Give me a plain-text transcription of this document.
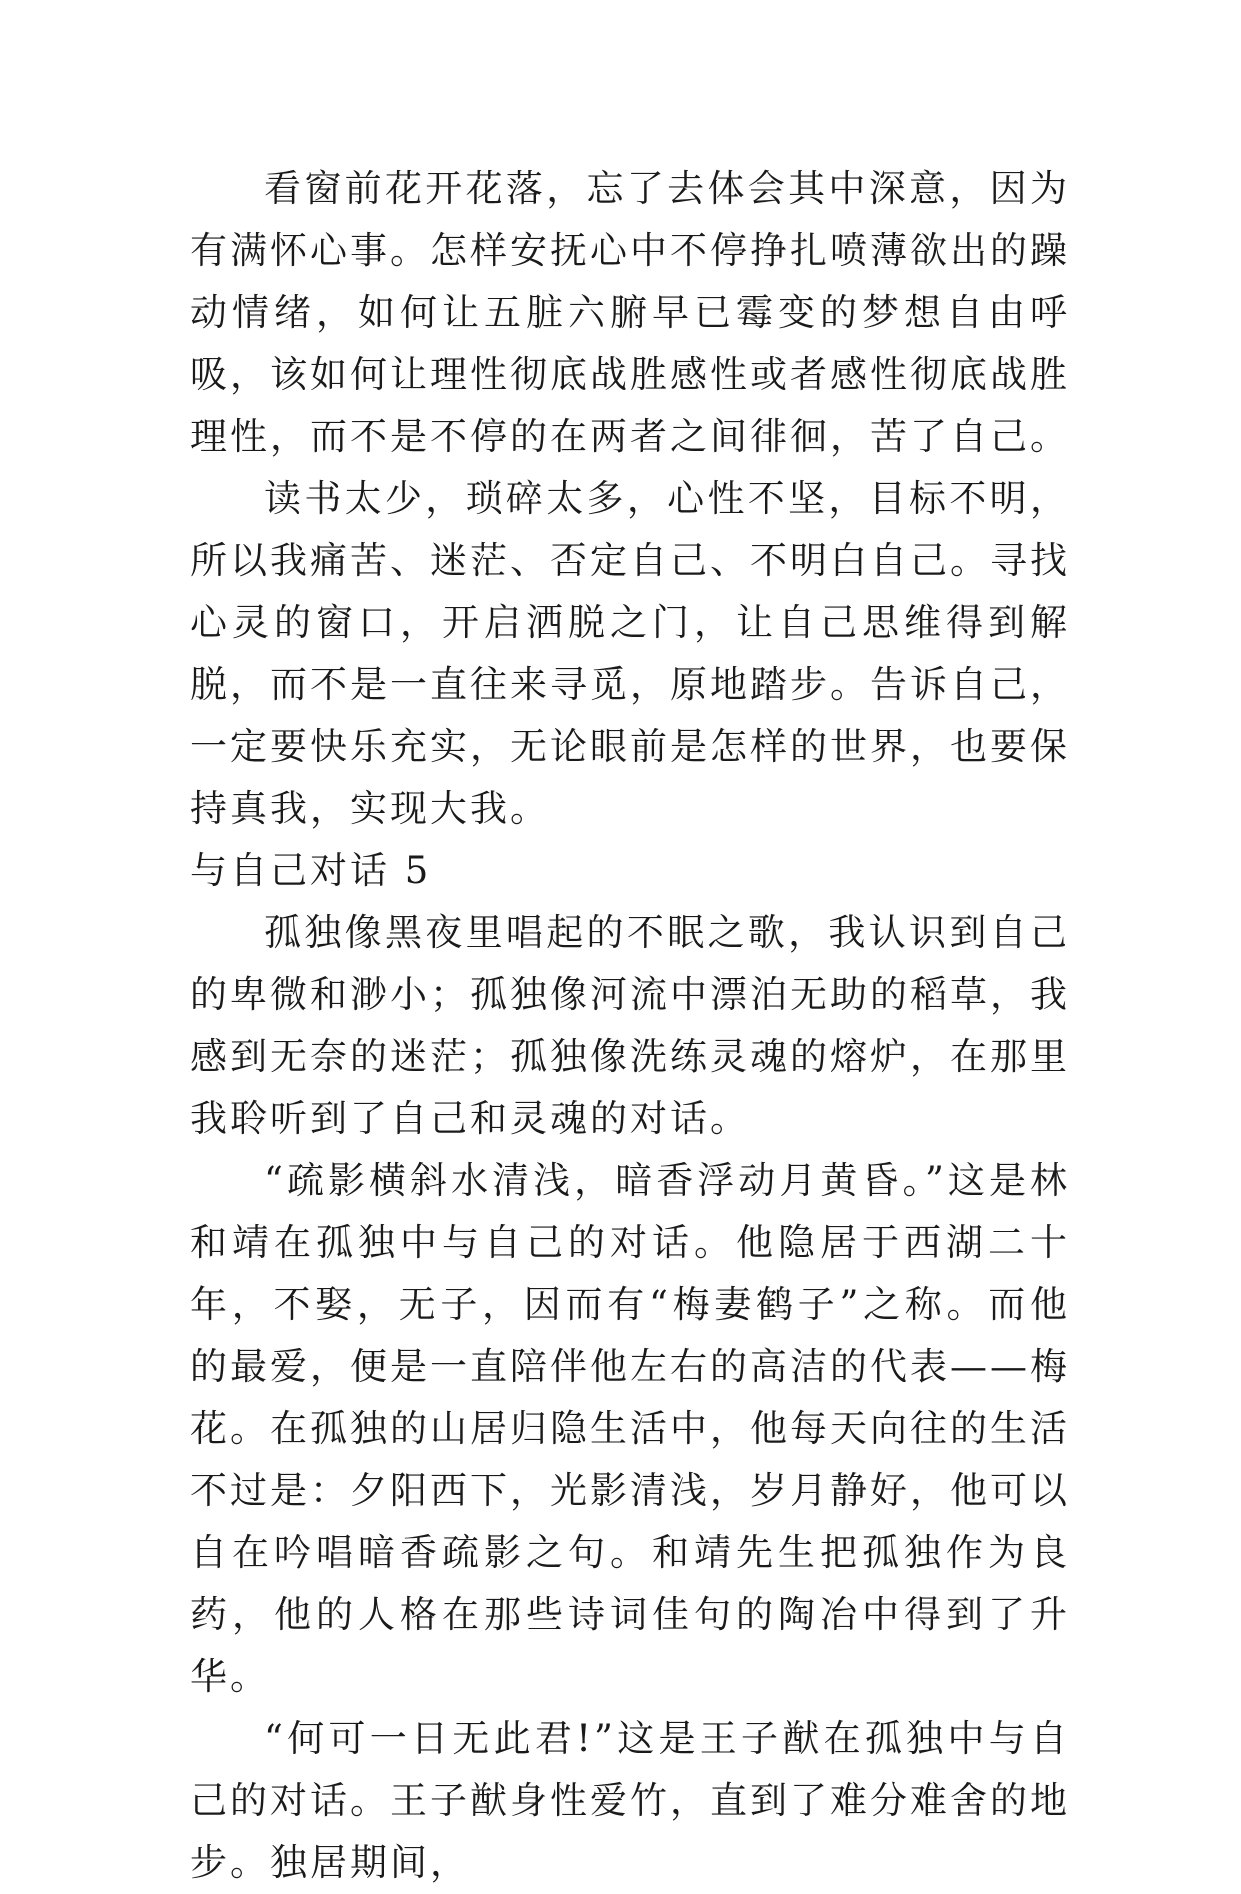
看窗前花开花落，忘了去体会其中深意，因为有满怀心事。怎样安抚心中不停挣扎喷薄欲出的躁动情绪，如何让五脏六腑早已霉变的梦想自由呼吸，该如何让理性彻底战胜感性或者感性彻底战胜理性，而不是不停的在两者之间徘徊，苦了自己。

读书太少，琐碎太多，心性不坚，目标不明，所以我痛苦、迷茫、否定自己、不明白自己。寻找心灵的窗口，开启洒脱之门，让自己思维得到解脱，而不是一直往来寻觅，原地踏步。告诉自己，一定要快乐充实，无论眼前是怎样的世界，也要保持真我，实现大我。

与自己对话 5

孤独像黑夜里唱起的不眠之歌，我认识到自己的卑微和渺小；孤独像河流中漂泊无助的稻草，我感到无奈的迷茫；孤独像洗练灵魂的熔炉，在那里我聆听到了自己和灵魂的对话。

“疏影横斜水清浅，暗香浮动月黄昏。”这是林和靖在孤独中与自己的对话。他隐居于西湖二十年，不娶，无子，因而有“梅妻鹤子”之称。而他的最爱，便是一直陪伴他左右的高洁的代表——梅花。在孤独的山居归隐生活中，他每天向往的生活不过是：夕阳西下，光影清浅，岁月静好，他可以自在吟唱暗香疏影之句。和靖先生把孤独作为良药，他的人格在那些诗词佳句的陶冶中得到了升华。

“何可一日无此君!”这是王子猷在孤独中与自己的对话。王子猷身性爱竹，直到了难分难舍的地步。独居期间，
